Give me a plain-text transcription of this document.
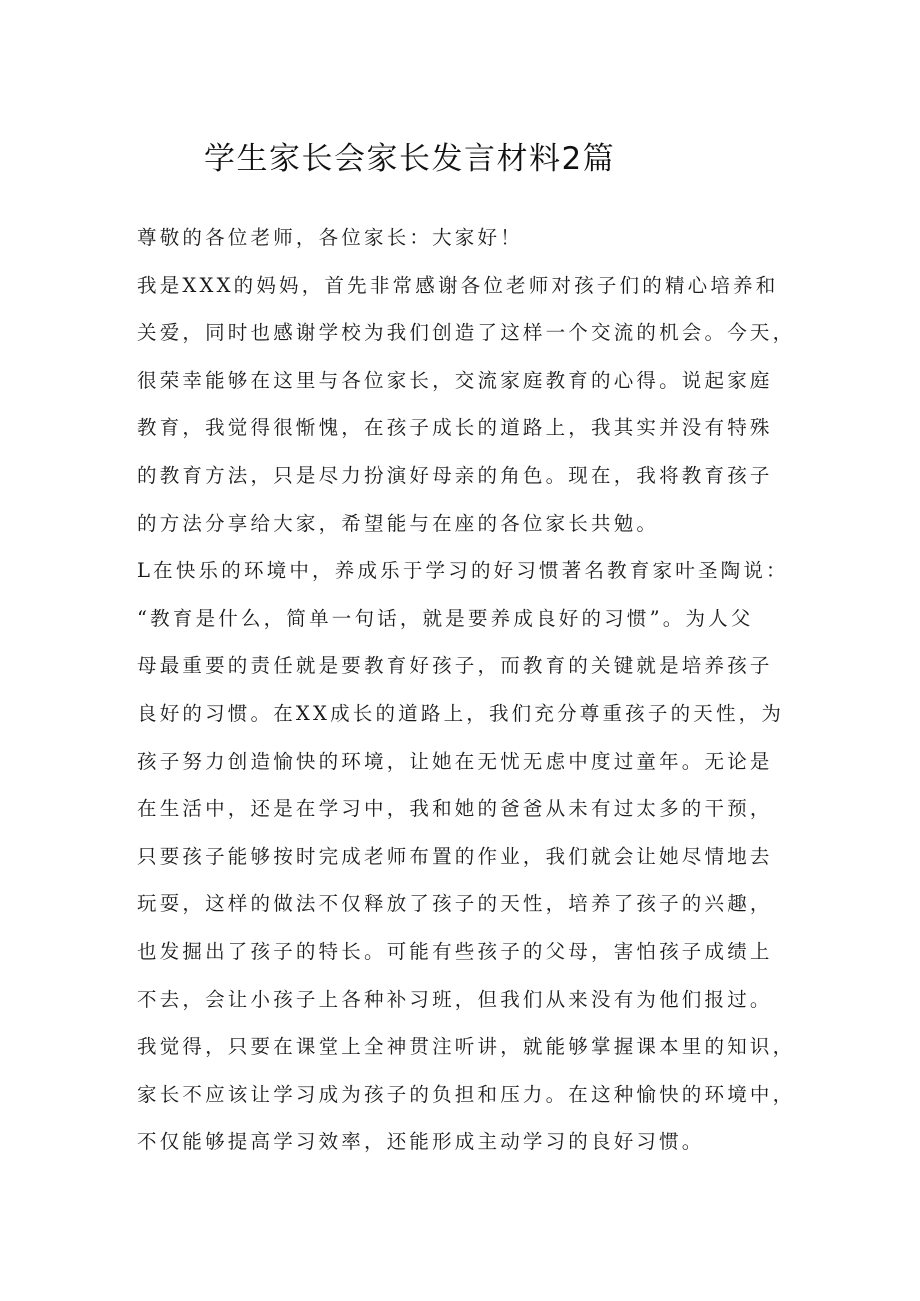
学生家长会家长发言材料2篇

尊敬的各位老师，各位家长：大家好！

我是XXX的妈妈，首先非常感谢各位老师对孩子们的精心培养和

关爱，同时也感谢学校为我们创造了这样一个交流的机会。今天，

很荣幸能够在这里与各位家长，交流家庭教育的心得。说起家庭

教育，我觉得很惭愧，在孩子成长的道路上，我其实并没有特殊

的教育方法，只是尽力扮演好母亲的角色。现在，我将教育孩子

的方法分享给大家，希望能与在座的各位家长共勉。

L在快乐的环境中，养成乐于学习的好习惯著名教育家叶圣陶说：

“教育是什么，简单一句话，就是要养成良好的习惯”。为人父

母最重要的责任就是要教育好孩子，而教育的关键就是培养孩子

良好的习惯。在XX成长的道路上，我们充分尊重孩子的天性，为

孩子努力创造愉快的环境，让她在无忧无虑中度过童年。无论是

在生活中，还是在学习中，我和她的爸爸从未有过太多的干预，

只要孩子能够按时完成老师布置的作业，我们就会让她尽情地去

玩耍，这样的做法不仅释放了孩子的天性，培养了孩子的兴趣，

也发掘出了孩子的特长。可能有些孩子的父母，害怕孩子成绩上

不去，会让小孩子上各种补习班，但我们从来没有为他们报过。

我觉得，只要在课堂上全神贯注听讲，就能够掌握课本里的知识，

家长不应该让学习成为孩子的负担和压力。在这种愉快的环境中，

不仅能够提高学习效率，还能形成主动学习的良好习惯。
